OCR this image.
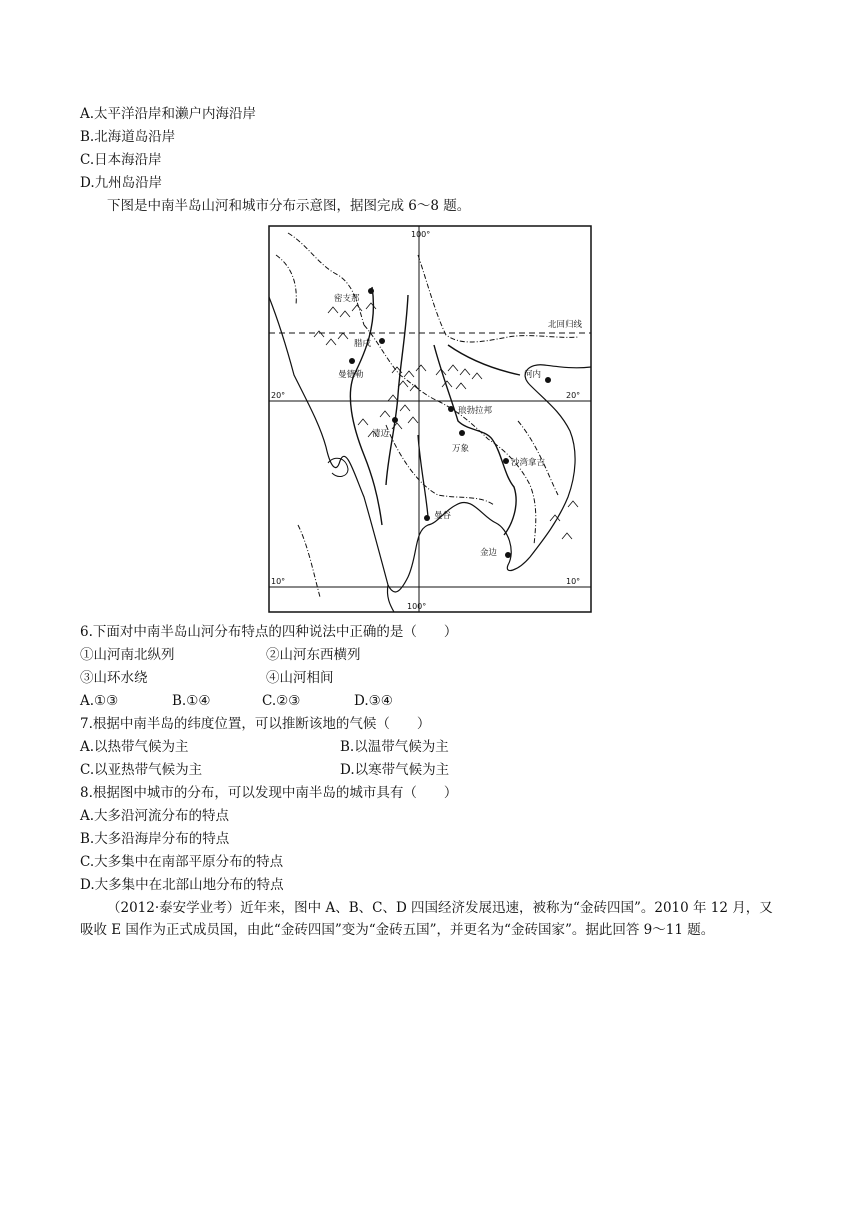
A.太平洋沿岸和濑户内海沿岸
B.北海道岛沿岸
C.日本海沿岸
D.九州岛沿岸
下图是中南半岛山河和城市分布示意图，据图完成 6～8 题。
100°
100°
20°	20°
10°	10°
北回归线
密支那
腊戌
曼德勒	河内
琅勃拉邦
清迈
万象
沙湾拿吉
曼谷
金边
6.下面对中南半岛山河分布特点的四种说法中正确的是（　　）
①山河南北纵列	②山河东西横列
③山环水绕	④山河相间
A.①③	B.①④	C.②③	D.③④
7.根据中南半岛的纬度位置，可以推断该地的气候（　　）
A.以热带气候为主	B.以温带气候为主
C.以亚热带气候为主	D.以寒带气候为主
8.根据图中城市的分布，可以发现中南半岛的城市具有（　　）
A.大多沿河流分布的特点
B.大多沿海岸分布的特点
C.大多集中在南部平原分布的特点
D.大多集中在北部山地分布的特点
（2012·泰安学业考）近年来，图中 A、B、C、D 四国经济发展迅速，被称为“金砖四国”。2010 年 12 月，又吸收 E 国作为正式成员国，由此“金砖四国”变为“金砖五国”，并更名为“金砖国家”。据此回答 9～11 题。
